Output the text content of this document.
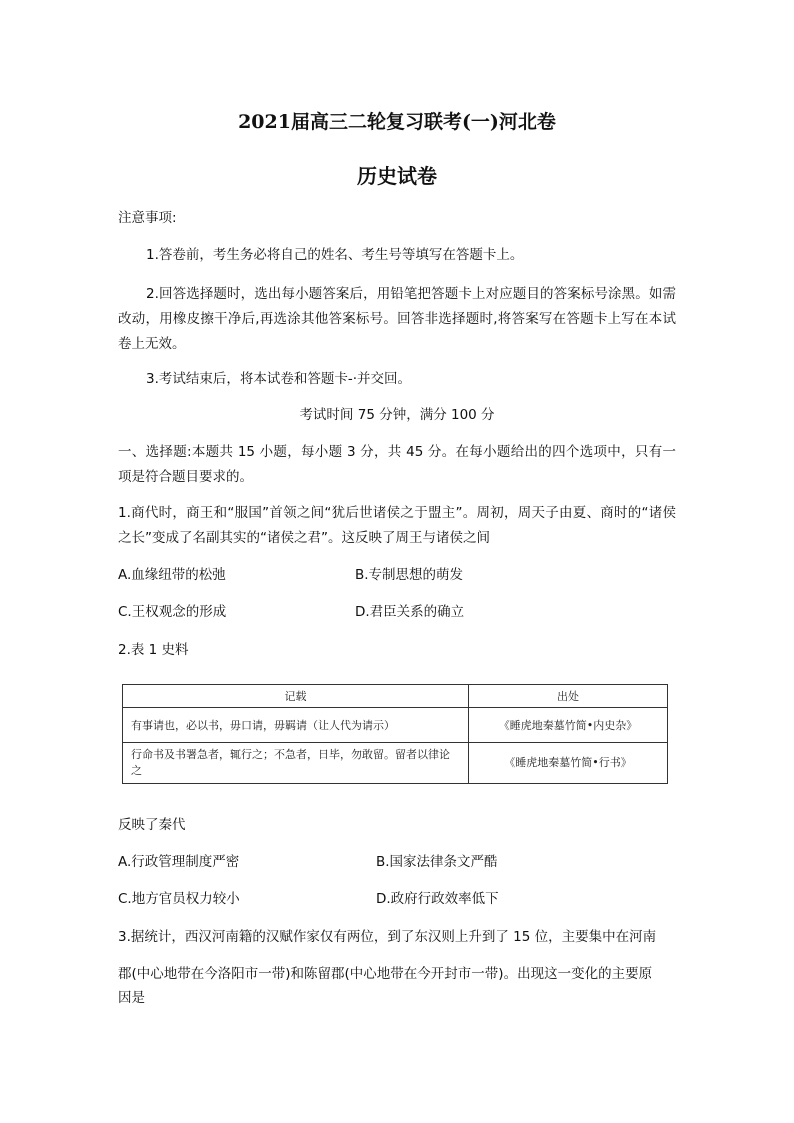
2021届高三二轮复习联考(一)河北卷
历史试卷
注意事项:
1.答卷前，考生务必将自己的姓名、考生号等填写在答题卡上。
2.回答选择题时，选出每小题答案后，用铅笔把答题卡上对应题目的答案标号涂黑。如需改动，用橡皮擦干净后,再选涂其他答案标号。回答非选择题时,将答案写在答题卡上写在本试卷上无效。
3.考试结束后，将本试卷和答题卡-·并交回。
考试时间 75 分钟，满分 100 分
一、选择题:本题共 15 小题，每小题 3 分，共 45 分。在每小题给出的四个选项中，只有一项是符合题目要求的。
1.商代时，商王和“服国”首领之间“犹后世诸侯之于盟主”。周初，周天子由夏、商时的“诸侯之长”变成了名副其实的“诸侯之君”。这反映了周王与诸侯之间
A.血缘纽带的松弛	B.专制思想的萌发
C.王权观念的形成	D.君臣关系的确立
2.表 1 史料
记载	出处
有事请也，必以书，毋口请，毋羁请（让人代为请示）	《睡虎地秦墓竹简•内史杂》
行命书及书署急者，辄行之；不急者，日毕，勿敢留。留者以律论之	《睡虎地秦墓竹简•行书》
反映了秦代
A.行政管理制度严密	B.国家法律条文严酷
C.地方官员权力较小	D.政府行政效率低下
3.据统计，西汉河南籍的汉赋作家仅有两位，到了东汉则上升到了 15 位，主要集中在河南
郡(中心地带在今洛阳市一带)和陈留郡(中心地带在今开封市一带)。出现这一变化的主要原
因是
